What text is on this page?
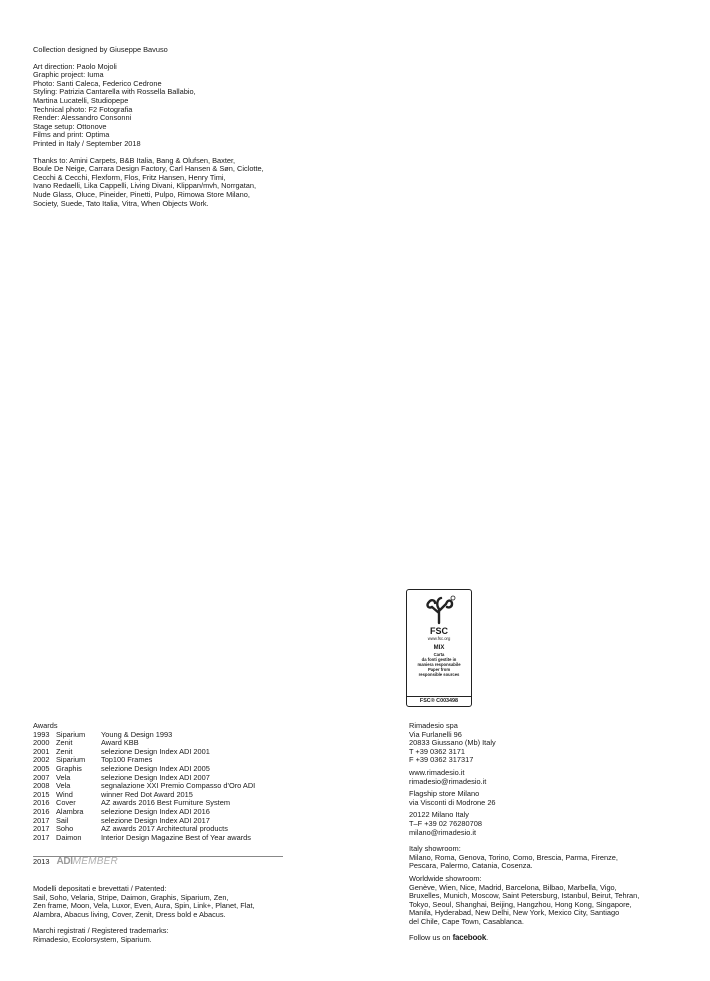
Collection designed by Giuseppe Bavuso
Art direction: Paolo Mojoli
Graphic project: Iuma
Photo: Santi Caleca, Federico Cedrone
Styling: Patrizia Cantarella with Rossella Ballabio,
Martina Lucatelli, Studiopepe
Technical photo: F2 Fotografia
Render: Alessandro Consonni
Stage setup: Ottonove
Films and print: Optima
Printed in Italy / September 2018
Thanks to: Amini Carpets, B&B Italia, Bang & Olufsen, Baxter,
Boule De Neige, Carrara Design Factory, Carl Hansen & Søn, Ciclotte,
Cecchi & Cecchi, Flexform, Flos, Fritz Hansen, Henry Timi,
Ivano Redaelli, Lika Cappelli, Living Divani, Klippan/mvh, Norrgatan,
Nude Glass, Oluce, Pineider, Pinetti, Pulpo, Rimowa Store Milano,
Society, Suede, Tato Italia, Vitra, When Objects Work.
FSC
www.fsc.org
MIX
Carta
da fonti gestite in
maniera responsabile
Paper from
responsible sources
FSC® C003498
Awards
1993 Siparium	Young & Design 1993
2000 Zenit	Award KBB
2001 Zenit	selezione Design Index ADI 2001
2002 Siparium	Top100 Frames
2005 Graphis	selezione Design Index ADI 2005
2007 Vela	selezione Design Index ADI 2007
2008 Vela	segnalazione XXI Premio Compasso d'Oro ADI
2015 Wind	winner Red Dot Award 2015
2016 Cover	AZ awards 2016 Best Furniture System
2016 Alambra	selezione Design Index ADI 2016
2017 Sail	selezione Design Index ADI 2017
2017 Soho	AZ awards 2017 Architectural products
2017 Daimon	Interior Design Magazine Best of Year awards
2013 ADI MEMBER
Modelli depositati e brevettati / Patented:
Sail, Soho, Velaria, Stripe, Daimon, Graphis, Siparium, Zen,
Zen frame, Moon, Vela, Luxor, Even, Aura, Spin, Link+, Planet, Flat,
Alambra, Abacus living, Cover, Zenit, Dress bold e Abacus.
Marchi registrati / Registered trademarks:
Rimadesio, Ecolorsystem, Siparium.
Rimadesio spa
Via Furlanelli 96
20833 Giussano (Mb) Italy
T +39 0362 3171
F +39 0362 317317
www.rimadesio.it
rimadesio@rimadesio.it
Flagship store Milano
via Visconti di Modrone 26
20122 Milano Italy
T–F +39 02 76280708
milano@rimadesio.it
Italy showroom:
Milano, Roma, Genova, Torino, Como, Brescia, Parma, Firenze,
Pescara, Palermo, Catania, Cosenza.
Worldwide showroom:
Genève, Wien, Nice, Madrid, Barcelona, Bilbao, Marbella, Vigo,
Bruxelles, Munich, Moscow, Saint Petersburg, Istanbul, Beirut, Tehran,
Tokyo, Seoul, Shanghai, Beijing, Hangzhou, Hong Kong, Singapore,
Manila, Hyderabad, New Delhi, New York, Mexico City, Santiago
del Chile, Cape Town, Casablanca.
Follow us on facebook.
